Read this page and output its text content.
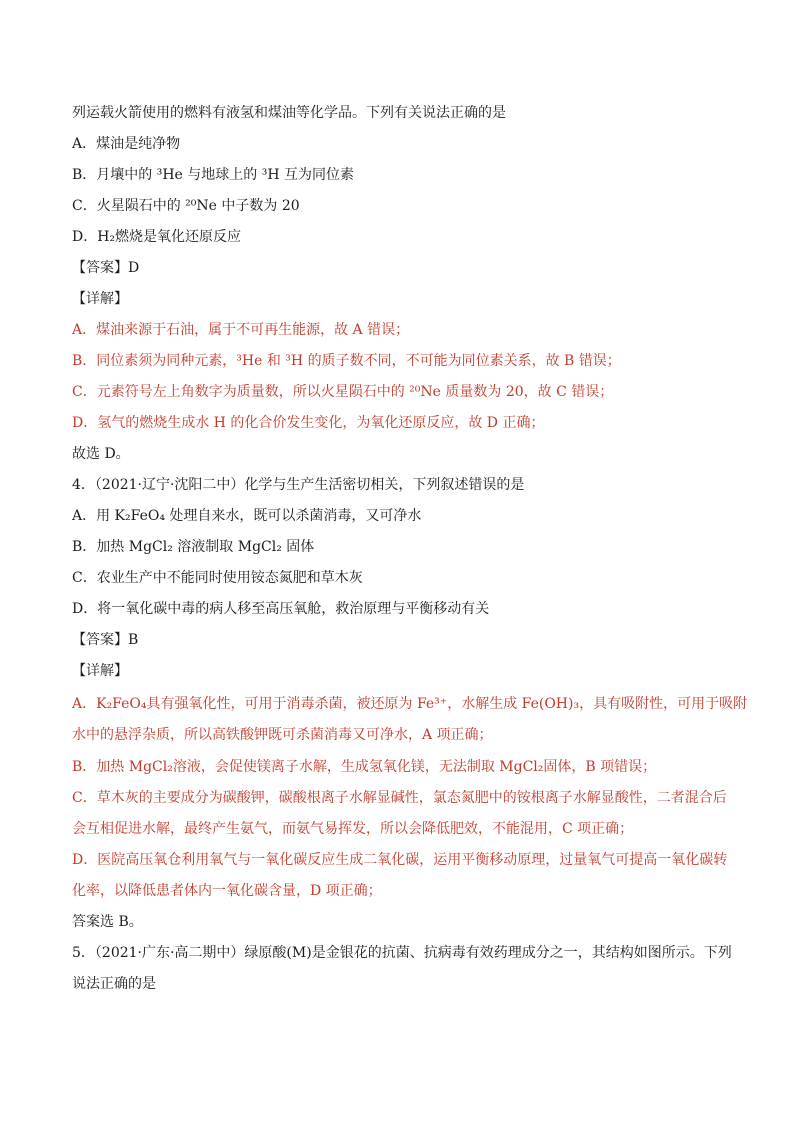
列运载火箭使用的燃料有液氢和煤油等化学品。下列有关说法正确的是
A．煤油是纯净物
B．月壤中的 ³He 与地球上的 ³H 互为同位素
C．火星陨石中的 ²⁰Ne 中子数为 20
D．H₂燃烧是氧化还原反应
【答案】D
【详解】
A．煤油来源于石油，属于不可再生能源，故 A 错误；
B．同位素须为同种元素，³He 和 ³H 的质子数不同，不可能为同位素关系，故 B 错误；
C．元素符号左上角数字为质量数，所以火星陨石中的 ²⁰Ne 质量数为 20，故 C 错误；
D．氢气的燃烧生成水 H 的化合价发生变化，为氧化还原反应，故 D 正确；
故选 D。
4．（2021·辽宁·沈阳二中）化学与生产生活密切相关，下列叙述错误的是
A．用 K₂FeO₄ 处理自来水，既可以杀菌消毒，又可净水
B．加热 MgCl₂ 溶液制取 MgCl₂ 固体
C．农业生产中不能同时使用铵态氮肥和草木灰
D．将一氧化碳中毒的病人移至高压氧舱，救治原理与平衡移动有关
【答案】B
【详解】
A．K₂FeO₄具有强氧化性，可用于消毒杀菌，被还原为 Fe³⁺，水解生成 Fe(OH)₃，具有吸附性，可用于吸附
水中的悬浮杂质，所以高铁酸钾既可杀菌消毒又可净水，A 项正确；
B．加热 MgCl₂溶液，会促使镁离子水解，生成氢氧化镁，无法制取 MgCl₂固体，B 项错误；
C．草木灰的主要成分为碳酸钾，碳酸根离子水解显碱性，氯态氮肥中的铵根离子水解显酸性，二者混合后
会互相促进水解，最终产生氨气，而氨气易挥发，所以会降低肥效，不能混用，C 项正确；
D．医院高压氧仓利用氧气与一氧化碳反应生成二氧化碳，运用平衡移动原理，过量氧气可提高一氧化碳转
化率，以降低患者体内一氧化碳含量，D 项正确；
答案选 B。
5．（2021·广东·高二期中）绿原酸(M)是金银花的抗菌、抗病毒有效药理成分之一，其结构如图所示。下列
说法正确的是
